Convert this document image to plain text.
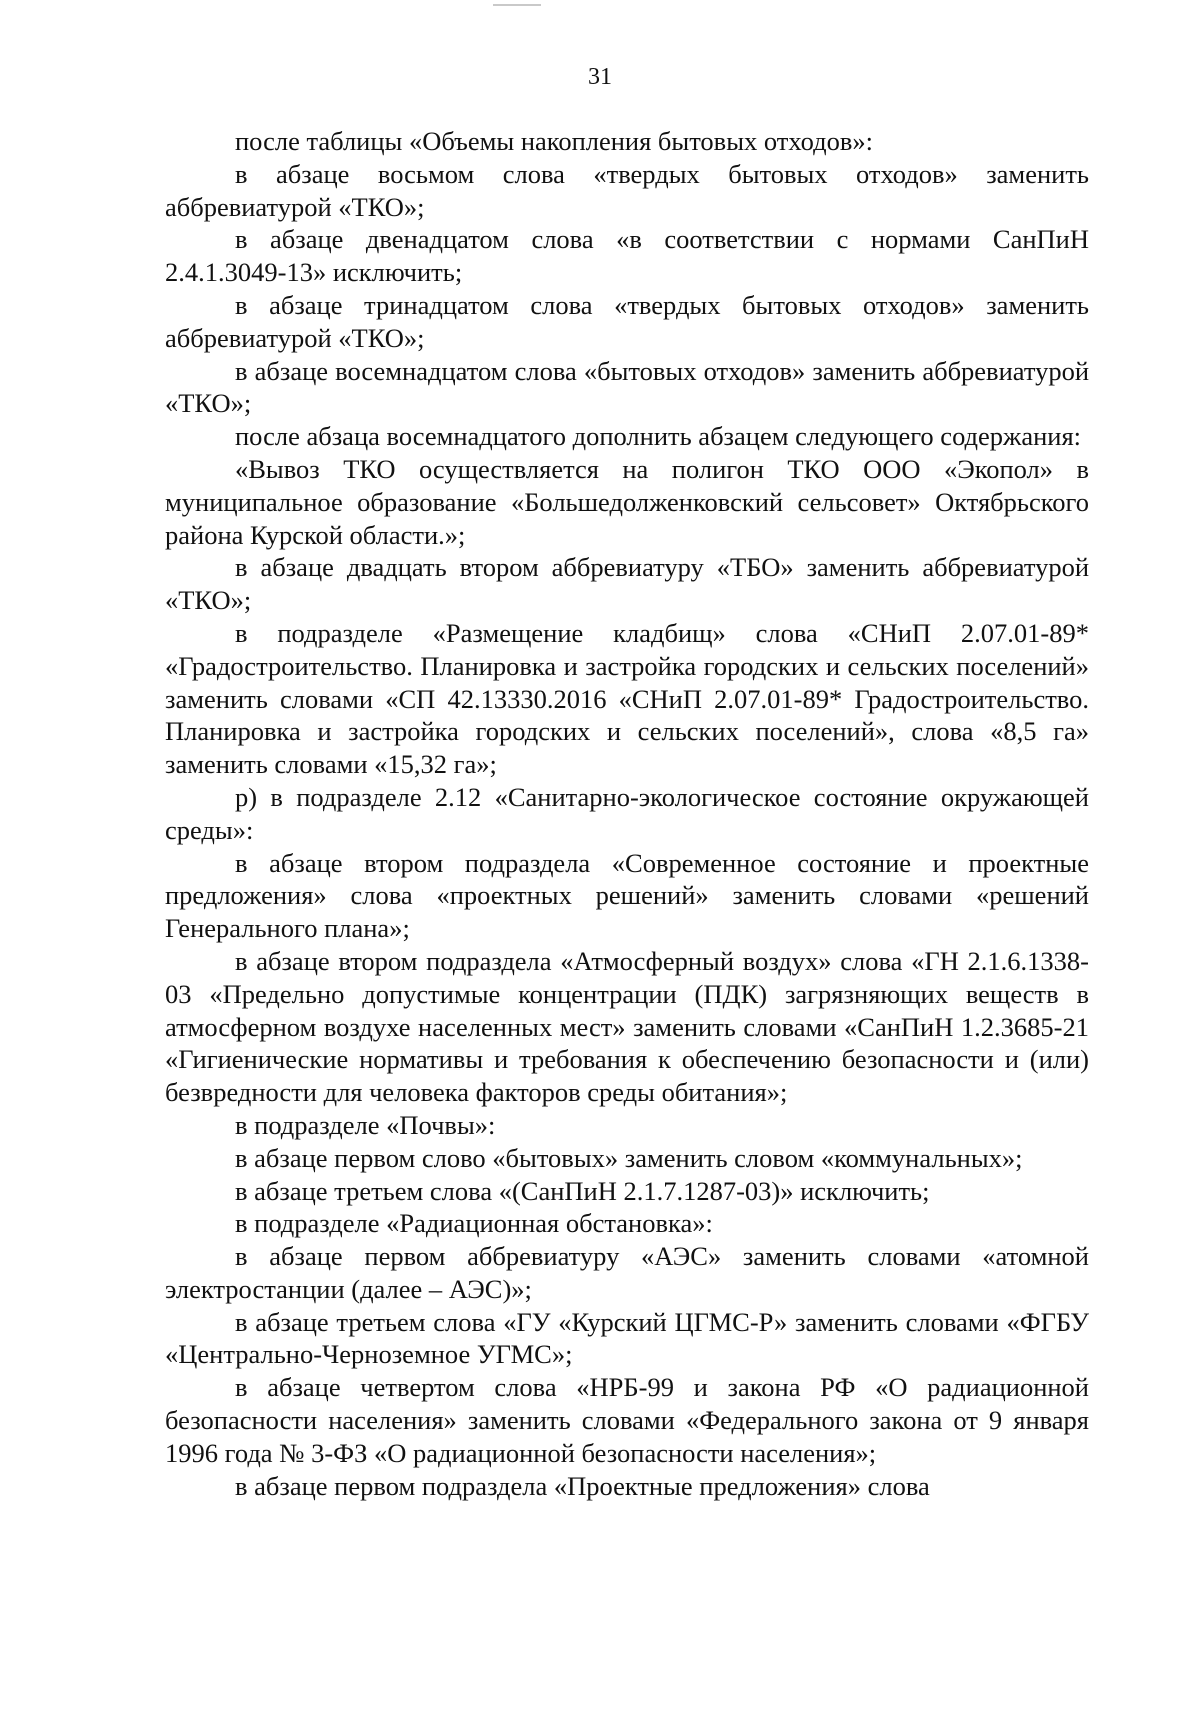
31

после таблицы «Объемы накопления бытовых отходов»:

в абзаце восьмом слова «твердых бытовых отходов» заменить аббревиатурой «ТКО»;

в абзаце двенадцатом слова «в соответствии с нормами СанПиН 2.4.1.3049-13» исключить;

в абзаце тринадцатом слова «твердых бытовых отходов» заменить аббревиатурой «ТКО»;

в абзаце восемнадцатом слова «бытовых отходов» заменить аббревиатурой «ТКО»;

после абзаца восемнадцатого дополнить абзацем следующего содержания:

«Вывоз ТКО осуществляется на полигон ТКО ООО «Экопол» в муниципальное образование «Большедолженковский сельсовет» Октябрьского района Курской области.»;

в абзаце двадцать втором аббревиатуру «ТБО» заменить аббревиатурой «ТКО»;

в подразделе «Размещение кладбищ» слова «СНиП 2.07.01-89* «Градостроительство. Планировка и застройка городских и сельских поселений» заменить словами «СП 42.13330.2016 «СНиП 2.07.01-89* Градостроительство. Планировка и застройка городских и сельских поселений», слова «8,5 га» заменить словами «15,32 га»;

р) в подразделе 2.12 «Санитарно-экологическое состояние окружающей среды»:

в абзаце втором подраздела «Современное состояние и проектные предложения» слова «проектных решений» заменить словами «решений Генерального плана»;

в абзаце втором подраздела «Атмосферный воздух» слова «ГН 2.1.6.1338-03 «Предельно допустимые концентрации (ПДК) загрязняющих веществ в атмосферном воздухе населенных мест» заменить словами «СанПиН 1.2.3685-21 «Гигиенические нормативы и требования к обеспечению безопасности и (или) безвредности для человека факторов среды обитания»;

в подразделе «Почвы»:

в абзаце первом слово «бытовых» заменить словом «коммунальных»;

в абзаце третьем слова «(СанПиН 2.1.7.1287-03)» исключить;

в подразделе «Радиационная обстановка»:

в абзаце первом аббревиатуру «АЭС» заменить словами «атомной электростанции (далее – АЭС)»;

в абзаце третьем слова «ГУ «Курский ЦГМС-Р» заменить словами «ФГБУ «Центрально-Черноземное УГМС»;

в абзаце четвертом слова «НРБ-99 и закона РФ «О радиационной безопасности населения» заменить словами «Федерального закона от 9 января 1996 года № 3-ФЗ «О радиационной безопасности населения»;

в абзаце первом подраздела «Проектные предложения» слова
